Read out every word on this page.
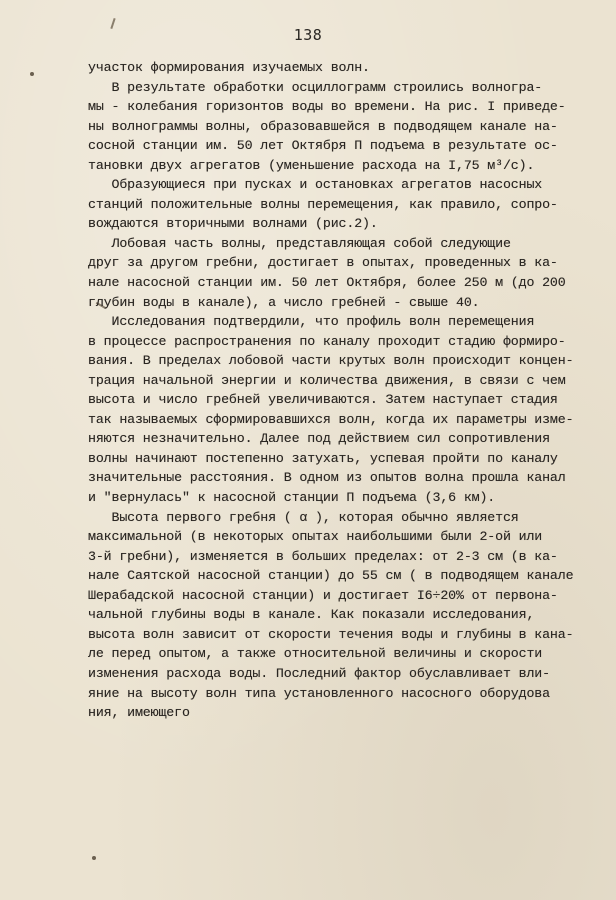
138
участок формирования изучаемых волн.
В результате обработки осциллограмм строились волногра-
мы - колебания горизонтов воды во времени. На рис. I приведе-
ны волнограммы волны, образовавшейся в подводящем канале на-
сосной станции им. 50 лет Октября П подъема в результате ос-
тановки двух агрегатов (уменьшение расхода на I,75 м³/с).
Образующиеся при пусках и остановках агрегатов насосных
станций положительные волны перемещения, как правило, сопро-
вождаются вторичными волнами (рис.2).
Лобовая часть волны, представляющая собой следующие
друг за другом гребни, достигает в опытах, проведенных в ка-
нале насосной станции им. 50 лет Октября, более 250 м (до 200
глубин воды в канале), а число гребней - свыше 40.
Исследования подтвердили, что профиль волн перемещения
в процессе распространения по каналу проходит стадию формиро-
вания. В пределах лобовой части крутых волн происходит концен-
трация начальной энергии и количества движения, в связи с чем
высота и число гребней увеличиваются. Затем наступает стадия
так называемых сформировавшихся волн, когда их параметры изме-
няются незначительно. Далее под действием сил сопротивления
волны начинают постепенно затухать, успевая пройти по каналу
значительные расстояния. В одном из опытов волна прошла канал
и "вернулась" к насосной станции П подъема (3,6 км).
Высота первого гребня ( α ), которая обычно является
максимальной (в некоторых опытах наибольшими были 2-ой или
3-й гребни), изменяется в больших пределах: от 2-3 см (в ка-
нале Саятской насосной станции) до 55 см ( в подводящем канале
Шерабадской насосной станции) и достигает I6÷20% от первона-
чальной глубины воды в канале. Как показали исследования,
высота волн зависит от скорости течения воды и глубины в кана-
ле перед опытом, а также относительной величины и скорости
изменения расхода воды. Последний фактор обуславливает вли-
яние на высоту волн типа установленного насосного оборудова
ния, имеющего
